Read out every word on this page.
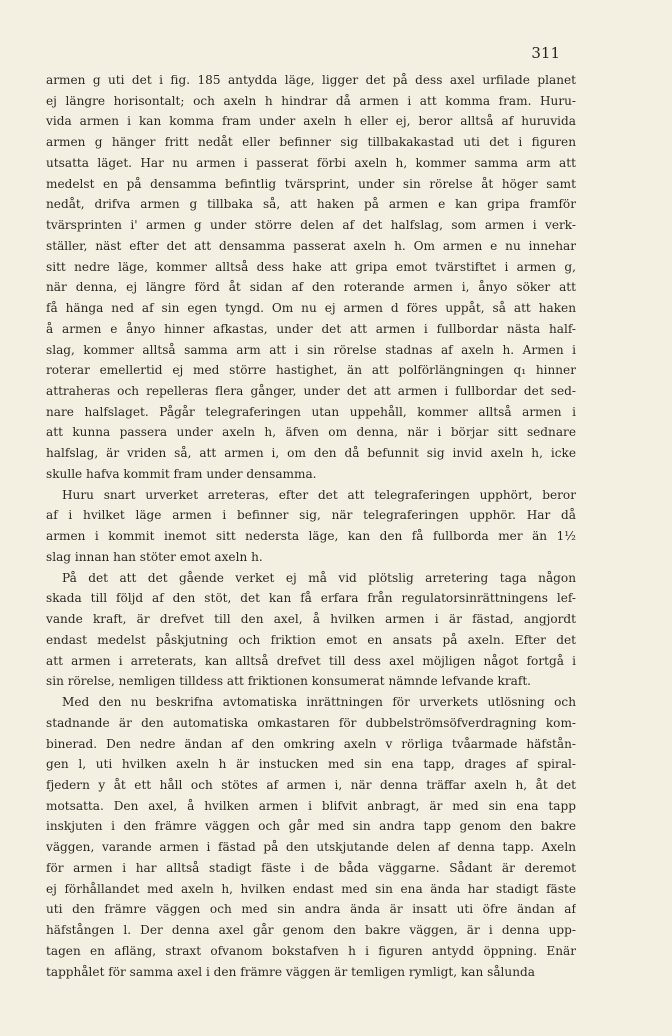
311
armen g uti det i fig. 185 antydda läge, ligger det på dess axel urfilade planet
ej längre horisontalt; och axeln h hindrar då armen i att komma fram. Huru-
vida armen i kan komma fram under axeln h eller ej, beror alltså af huruvida
armen g hänger fritt nedåt eller befinner sig tillbakakastad uti det i figuren
utsatta läget. Har nu armen i passerat förbi axeln h, kommer samma arm att
medelst en på densamma befintlig tvärsprint, under sin rörelse åt höger samt
nedåt, drifva armen g tillbaka så, att haken på armen e kan gripa framför
tvärsprinten i' armen g under större delen af det halfslag, som armen i verk-
ställer, näst efter det att densamma passerat axeln h. Om armen e nu innehar
sitt nedre läge, kommer alltså dess hake att gripa emot tvärstiftet i armen g,
när denna, ej längre förd åt sidan af den roterande armen i, ånyo söker att
få hänga ned af sin egen tyngd. Om nu ej armen d föres uppåt, så att haken
å armen e ånyo hinner afkastas, under det att armen i fullbordar nästa half-
slag, kommer alltså samma arm att i sin rörelse stadnas af axeln h. Armen i
roterar emellertid ej med större hastighet, än att polförlängningen q₁ hinner
attraheras och repelleras flera gånger, under det att armen i fullbordar det sed-
nare halfslaget. Pågår telegraferingen utan uppehåll, kommer alltså armen i
att kunna passera under axeln h, äfven om denna, när i börjar sitt sednare
halfslag, är vriden så, att armen i, om den då befunnit sig invid axeln h, icke
skulle hafva kommit fram under densamma.
Huru snart urverket arreteras, efter det att telegraferingen upphört, beror
af i hvilket läge armen i befinner sig, när telegraferingen upphör. Har då
armen i kommit inemot sitt nedersta läge, kan den få fullborda mer än 1½
slag innan han stöter emot axeln h.
På det att det gående verket ej må vid plötslig arretering taga någon
skada till följd af den stöt, det kan få erfara från regulatorsinrättningens lef-
vande kraft, är drefvet till den axel, å hvilken armen i är fästad, angjordt
endast medelst påskjutning och friktion emot en ansats på axeln. Efter det
att armen i arreterats, kan alltså drefvet till dess axel möjligen något fortgå i
sin rörelse, nemligen tilldess att friktionen konsumerat nämnde lefvande kraft.
Med den nu beskrifna avtomatiska inrättningen för urverkets utlösning och
stadnande är den automatiska omkastaren för dubbelströmsöfverdragning kom-
binerad. Den nedre ändan af den omkring axeln v rörliga tvåarmade häfstån-
gen l, uti hvilken axeln h är instucken med sin ena tapp, drages af spiral-
fjedern y åt ett håll och stötes af armen i, när denna träffar axeln h, åt det
motsatta. Den axel, å hvilken armen i blifvit anbragt, är med sin ena tapp
inskjuten i den främre väggen och går med sin andra tapp genom den bakre
väggen, varande armen i fästad på den utskjutande delen af denna tapp. Axeln
för armen i har alltså stadigt fäste i de båda väggarne. Sådant är deremot
ej förhållandet med axeln h, hvilken endast med sin ena ända har stadigt fäste
uti den främre väggen och med sin andra ända är insatt uti öfre ändan af
häfstången l. Der denna axel går genom den bakre väggen, är i denna upp-
tagen en afläng, straxt ofvanom bokstafven h i figuren antydd öppning. Enär
tapphålet för samma axel i den främre väggen är temligen rymligt, kan sålunda
